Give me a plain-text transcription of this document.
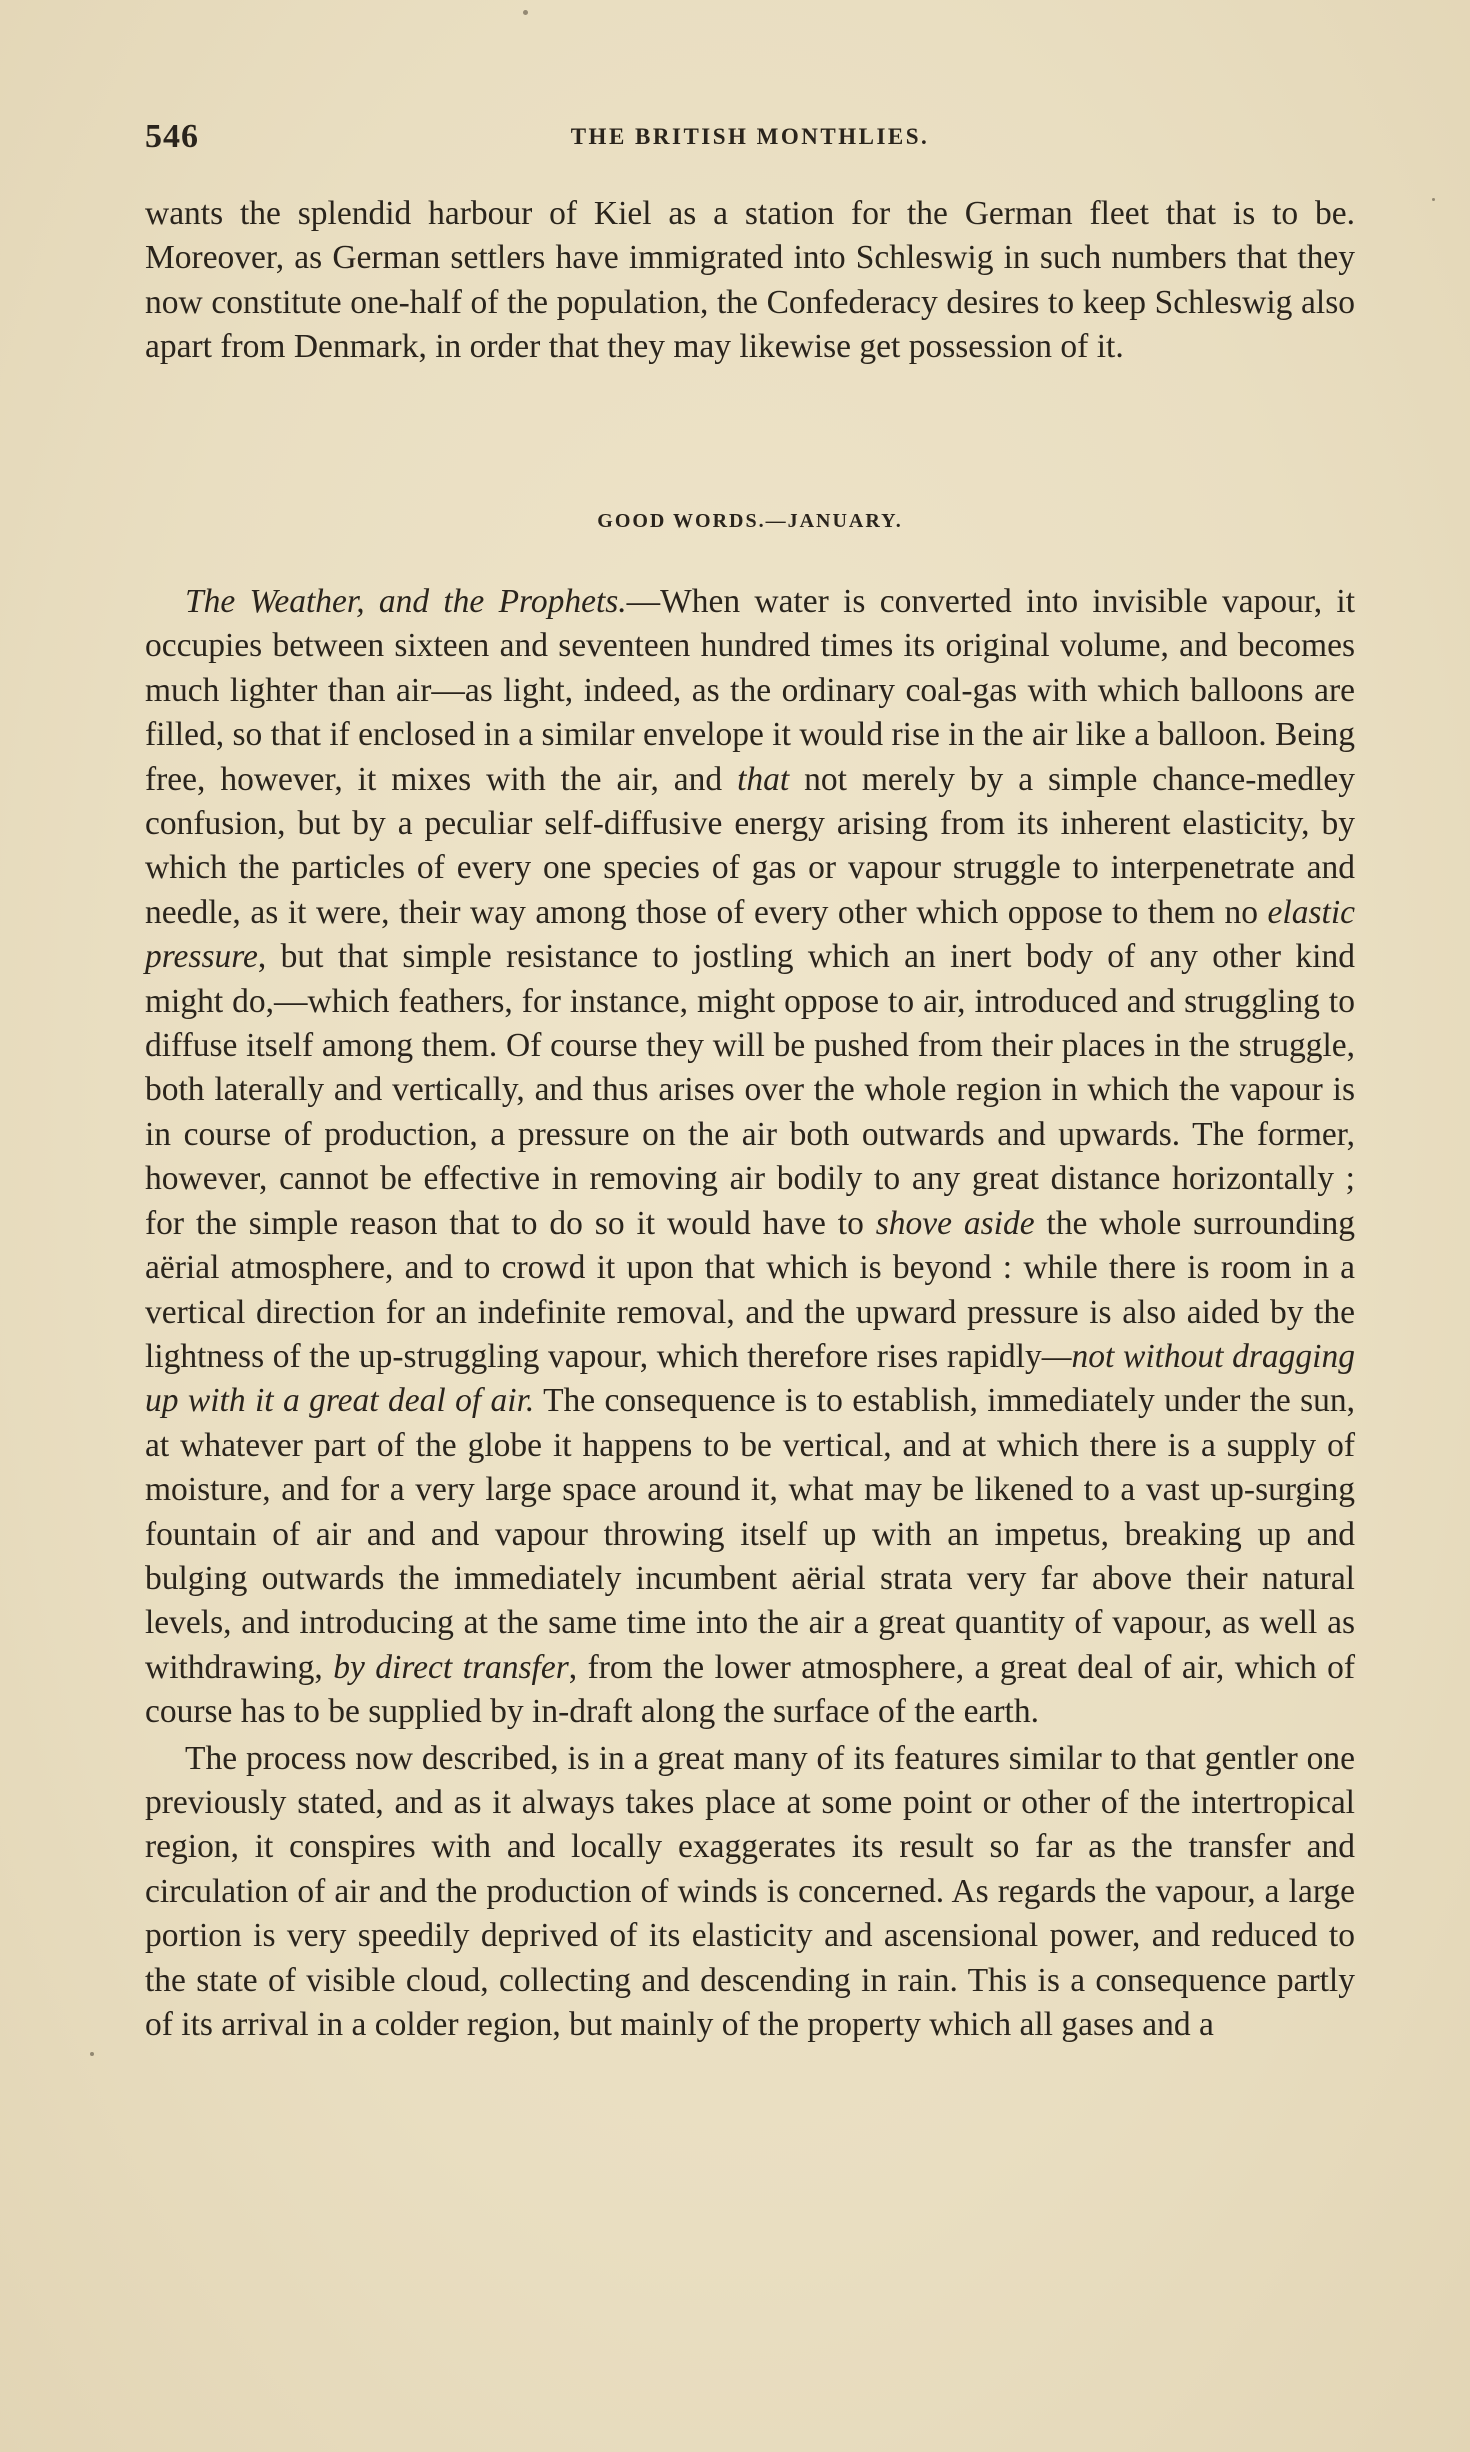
546	THE BRITISH MONTHLIES.

wants the splendid harbour of Kiel as a station for the German fleet that is to be. Moreover, as German settlers have immigrated into Schleswig in such numbers that they now constitute one-half of the population, the Confederacy desires to keep Schleswig also apart from Denmark, in order that they may likewise get possession of it.

GOOD WORDS.—JANUARY.

The Weather, and the Prophets.—When water is converted into invisible vapour, it occupies between sixteen and seventeen hundred times its original volume, and becomes much lighter than air—as light, indeed, as the ordinary coal-gas with which balloons are filled, so that if enclosed in a similar envelope it would rise in the air like a balloon. Being free, however, it mixes with the air, and that not merely by a simple chance-medley confusion, but by a peculiar self-diffusive energy arising from its inherent elasticity, by which the particles of every one species of gas or vapour struggle to interpenetrate and needle, as it were, their way among those of every other which oppose to them no elastic pressure, but that simple resistance to jostling which an inert body of any other kind might do,—which feathers, for instance, might oppose to air, introduced and struggling to diffuse itself among them. Of course they will be pushed from their places in the struggle, both laterally and vertically, and thus arises over the whole region in which the vapour is in course of production, a pressure on the air both outwards and upwards. The former, however, cannot be effective in removing air bodily to any great distance horizontally ; for the simple reason that to do so it would have to shove aside the whole surrounding aërial atmosphere, and to crowd it upon that which is beyond : while there is room in a vertical direction for an indefinite removal, and the upward pressure is also aided by the lightness of the up-struggling vapour, which therefore rises rapidly—not without dragging up with it a great deal of air. The consequence is to establish, immediately under the sun, at whatever part of the globe it happens to be vertical, and at which there is a supply of moisture, and for a very large space around it, what may be likened to a vast up-surging fountain of air and and vapour throwing itself up with an impetus, breaking up and bulging outwards the immediately incumbent aërial strata very far above their natural levels, and introducing at the same time into the air a great quantity of vapour, as well as withdrawing, by direct transfer, from the lower atmosphere, a great deal of air, which of course has to be supplied by in-draft along the surface of the earth.

The process now described, is in a great many of its features similar to that gentler one previously stated, and as it always takes place at some point or other of the intertropical region, it conspires with and locally exaggerates its result so far as the transfer and circulation of air and the production of winds is concerned. As regards the vapour, a large portion is very speedily deprived of its elasticity and ascensional power, and reduced to the state of visible cloud, collecting and descending in rain. This is a consequence partly of its arrival in a colder region, but mainly of the property which all gases and a
